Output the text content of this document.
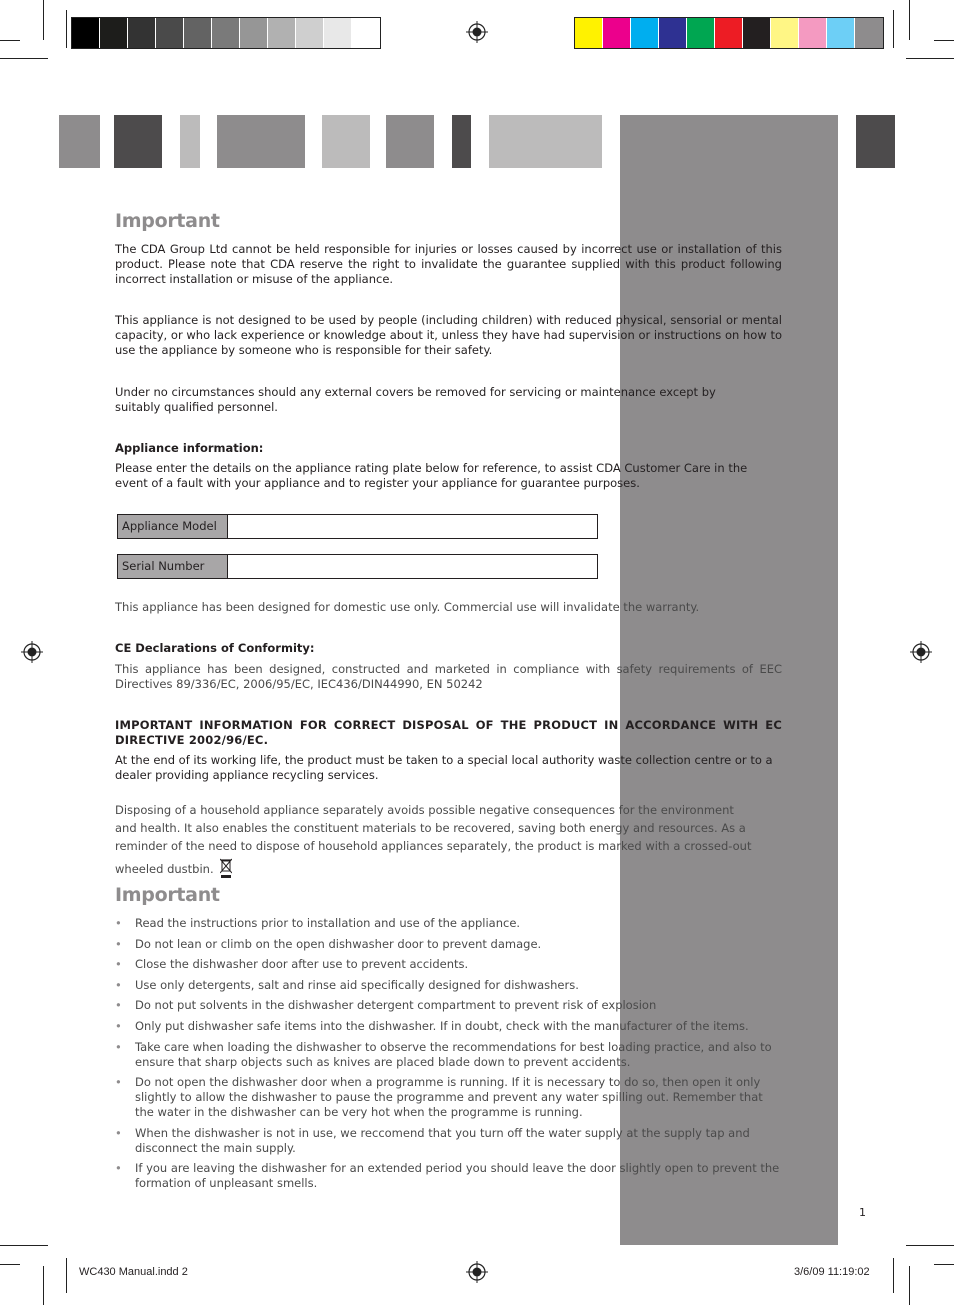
Important
The CDA Group Ltd cannot be held responsible for injuries or losses caused by incorrect use or installation of this product. Please note that CDA reserve the right to invalidate the guarantee supplied with this product following incorrect installation or misuse of the appliance.
This appliance is not designed to be used by people (including children) with reduced physical, sensorial or mental capacity, or who lack experience or knowledge about it, unless they have had supervision or instructions on how to use the appliance by someone who is responsible for their safety.
Under no circumstances should any external covers be removed for servicing or maintenance except by suitably qualified personnel.
Appliance information:
Please enter the details on the appliance rating plate below for reference, to assist CDA Customer Care in the event of a fault with your appliance and to register your appliance for guarantee purposes.
Appliance Model
Serial Number
This appliance has been designed for domestic use only. Commercial use will invalidate the warranty.
CE Declarations of Conformity:
This appliance has been designed, constructed and marketed in compliance with safety requirements of EEC Directives 89/336/EC, 2006/95/EC, IEC436/DIN44990, EN 50242
IMPORTANT INFORMATION FOR CORRECT DISPOSAL OF THE PRODUCT IN ACCORDANCE WITH EC DIRECTIVE 2002/96/EC.
At the end of its working life, the product must be taken to a special local authority waste collection centre or to a dealer providing appliance recycling services.
Disposing of a household appliance separately avoids possible negative consequences for the environment
and health. It also enables the constituent materials to be recovered, saving both energy and resources. As a
reminder of the need to dispose of household appliances separately, the product is marked with a crossed-out
wheeled dustbin.
Important
• Read the instructions prior to installation and use of the appliance.
• Do not lean or climb on the open dishwasher door to prevent damage.
• Close the dishwasher door after use to prevent accidents.
• Use only detergents, salt and rinse aid specifically designed for dishwashers.
• Do not put solvents in the dishwasher detergent compartment to prevent risk of explosion
• Only put dishwasher safe items into the dishwasher. If in doubt, check with the manufacturer of the items.
• Take care when loading the dishwasher to observe the recommendations for best loading practice, and also to ensure that sharp objects such as knives are placed blade down to prevent accidents.
• Do not open the dishwasher door when a programme is running. If it is necessary to do so, then open it only slightly to allow the dishwasher to pause the programme and prevent any water spilling out. Remember that the water in the dishwasher can be very hot when the programme is running.
• When the dishwasher is not in use, we reccomend that you turn off the water supply at the supply tap and disconnect the main supply.
• If you are leaving the dishwasher for an extended period you should leave the door slightly open to prevent the formation of unpleasant smells.
1
WC430 Manual.indd 2	3/6/09 11:19:02
